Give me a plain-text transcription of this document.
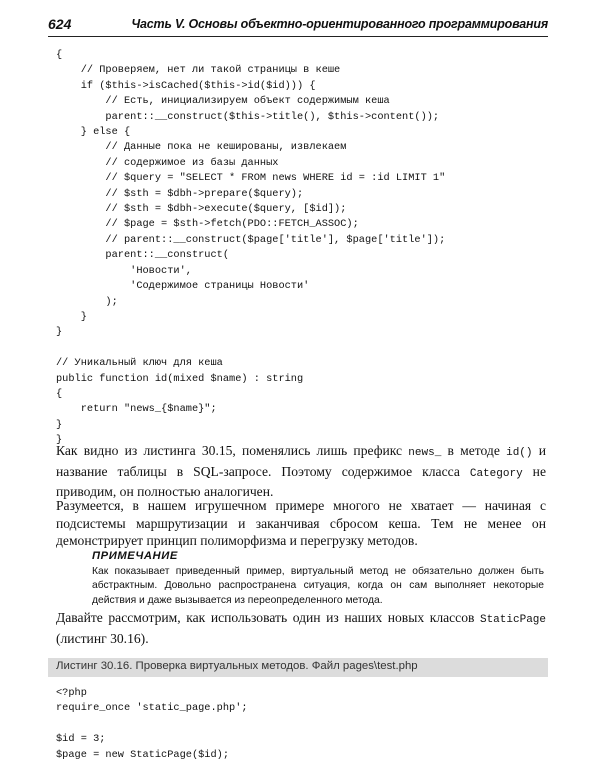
624	Часть V. Основы объектно-ориентированного программирования
{
// Проверяем, нет ли такой страницы в кеше
if ($this->isCached($this->id($id))) {
// Есть, инициализируем объект содержимым кеша
parent::__construct($this->title(), $this->content());
} else {
// Данные пока не кешированы, извлекаем
// содержимое из базы данных
// $query = "SELECT * FROM news WHERE id = :id LIMIT 1"
// $sth = $dbh->prepare($query);
// $sth = $dbh->execute($query, [$id]);
// $page = $sth->fetch(PDO::FETCH_ASSOC);
// parent::__construct($page['title'], $page['title']);
parent::__construct(
'Новости',
'Содержимое страницы Новости'
);
}
}

// Уникальный ключ для кеша
public function id(mixed $name) : string
{
return "news_{$name}";
}
}

Как видно из листинга 30.15, поменялись лишь префикс news_ в методе id() и название таблицы в SQL-запросе. Поэтому содержимое класса Category не приводим, он полностью аналогичен.

Разумеется, в нашем игрушечном примере многого не хватает — начиная с подсистемы маршрутизации и заканчивая сбросом кеша. Тем не менее он демонстрирует принцип полиморфизма и перегрузку методов.

ПРИМЕЧАНИЕ

Как показывает приведенный пример, виртуальный метод не обязательно должен быть абстрактным. Довольно распространена ситуация, когда он сам выполняет некоторые действия и даже вызывается из переопределенного метода.

Давайте рассмотрим, как использовать один из наших новых классов StaticPage (листинг 30.16).

Листинг 30.16. Проверка виртуальных методов. Файл pages\test.php
<?php
require_once 'static_page.php';

$id = 3;
$page = new StaticPage($id);
